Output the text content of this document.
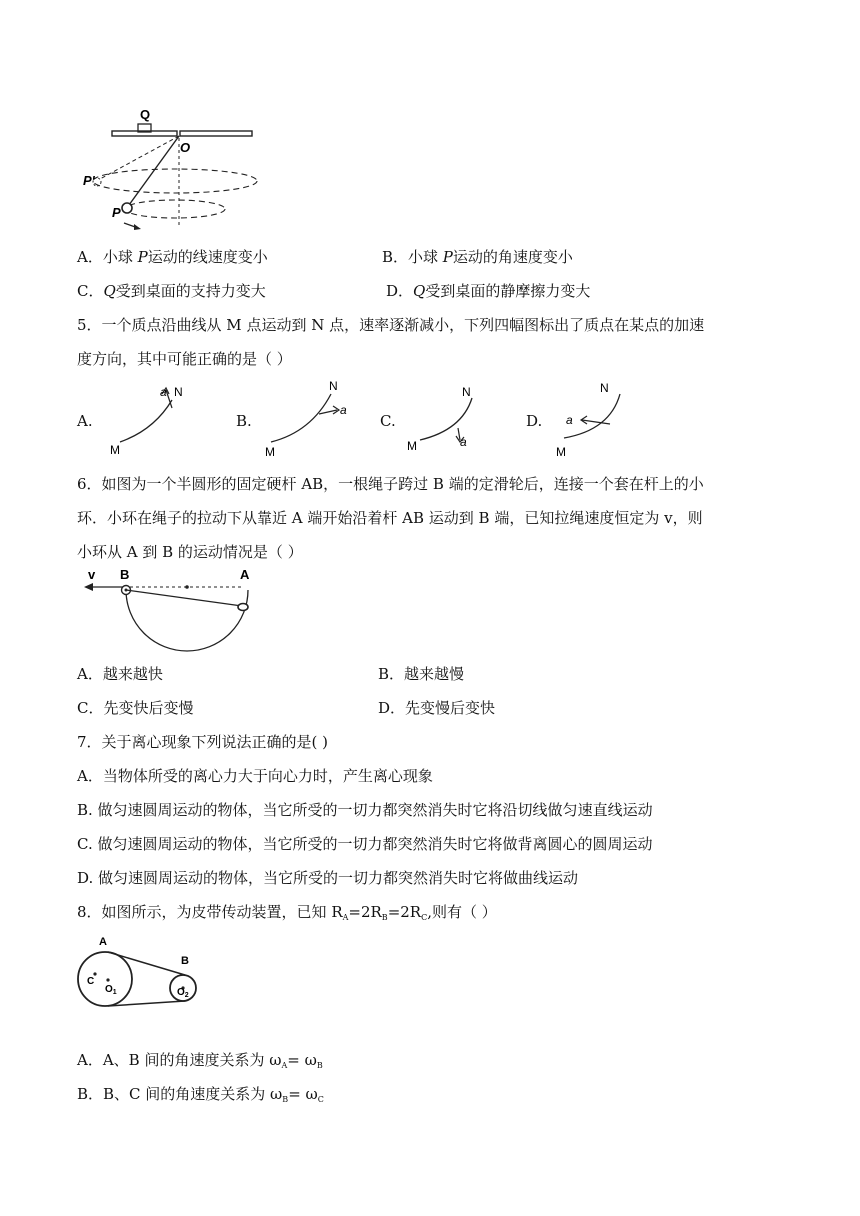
Q
O
P'
P
A．小球 P运动的线速度变小	B．小球 P运动的角速度变小
C．Q受到桌面的支持力变大	D．Q受到桌面的静摩擦力变大
5．一个质点沿曲线从 M 点运动到 N 点，速率逐渐减小，下列四幅图标出了质点在某点的加速
度方向，其中可能正确的是（ ）
A.	B.	C.	D.
a N
M
a
N
M
a
N
M
a
N
M
6．如图为一个半圆形的固定硬杆 AB，一根绳子跨过 B 端的定滑轮后，连接一个套在杆上的小
环．小环在绳子的拉动下从靠近 A 端开始沿着杆 AB 运动到 B 端，已知拉绳速度恒定为 v，则
小环从 A 到 B 的运动情况是（ ）
v B	A
A．越来越快	B．越来越慢
C．先变快后变慢	D．先变慢后变快
7．关于离心现象下列说法正确的是( )
A．当物体所受的离心力大于向心力时，产生离心现象
B. 做匀速圆周运动的物体，当它所受的一切力都突然消失时它将沿切线做匀速直线运动
C. 做匀速圆周运动的物体，当它所受的一切力都突然消失时它将做背离圆心的圆周运动
D. 做匀速圆周运动的物体，当它所受的一切力都突然消失时它将做曲线运动
8．如图所示，为皮带传动装置，已知 $R_A=2R_B=2R_C$,则有（ ）
A
B
C
$O_1$	$O_2$
A．A、B 间的角速度关系为 $\omega_A= \omega_B$
B．B、C 间的角速度关系为 $\omega_B= \omega_C$
